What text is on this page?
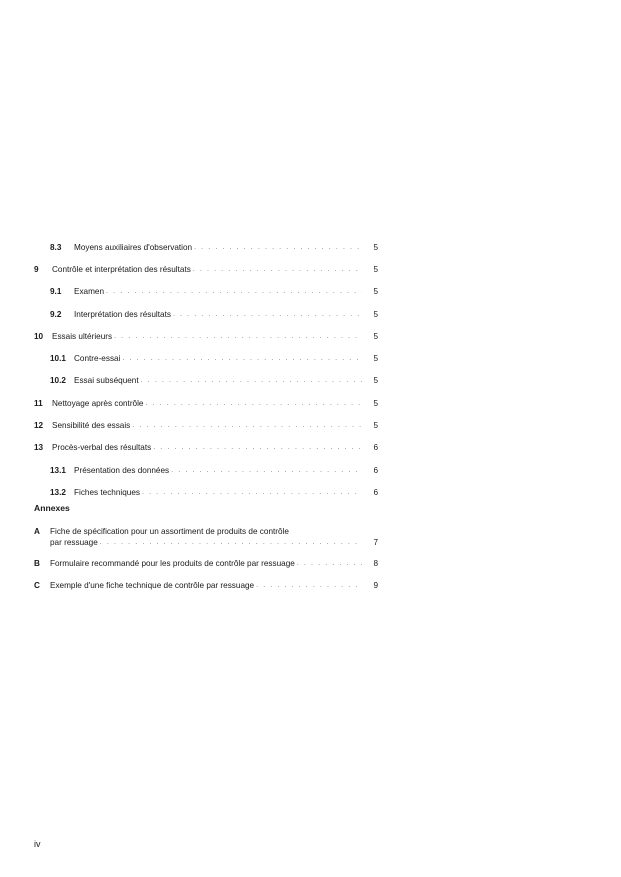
8.3	Moyens auxiliaires d'observation . . .	5
9	Contrôle et interprétation des résultats . . .	5
9.1	Examen . . .	5
9.2	Interprétation des résultats . . .	5
10	Essais ultérieurs . . .	5
10.1 Contre-essai . . .	5
10.2 Essai subséquent . . .	5
11	Nettoyage après contrôle . . .	5
12	Sensibilité des essais . . .	5
13	Procès-verbal des résultats . . .	6
13.1 Présentation des données . . .	6
13.2 Fiches techniques . . .	6
Annexes
A Fiche de spécification pour un assortiment de produits de contrôle
par ressuage . . .	7
B Formulaire recommandé pour les produits de contrôle par ressuage . . .	8
C Exemple d'une fiche technique de contrôle par ressuage . . .	9
iv
